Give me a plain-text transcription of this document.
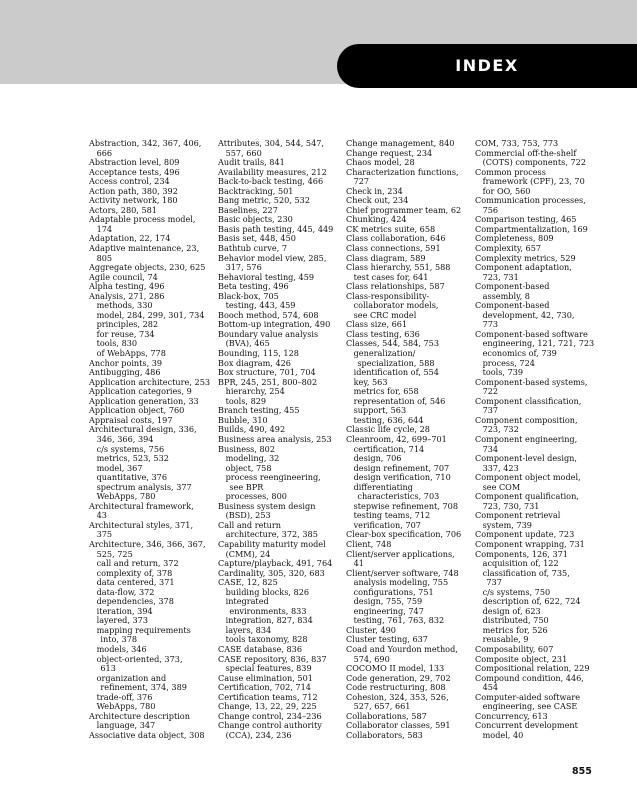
INDEX
Abstraction, 342, 367, 406,
666
Abstraction level, 809
Acceptance tests, 496
Access control, 234
Action path, 380, 392
Activity network, 180
Actors, 280, 581
Adaptable process model,
174
Adaptation, 22, 174
Adaptive maintenance, 23,
805
Aggregate objects, 230, 625
Agile council, 74
Alpha testing, 496
Analysis, 271, 286
methods, 330
model, 284, 299, 301, 734
principles, 282
for reuse, 734
tools, 830
of WebApps, 778
Anchor points, 39
Antibugging, 486
Application architecture, 253
Application categories, 9
Application generation, 33
Application object, 760
Appraisal costs, 197
Architectural design, 336,
346, 366, 394
c/s systems, 756
metrics, 523, 532
model, 367
quantitative, 376
spectrum analysis, 377
WebApps, 780
Architectural framework,
43
Architectural styles, 371,
375
Architecture, 346, 366, 367,
525, 725
call and return, 372
complexity of, 378
data centered, 371
data-flow, 372
dependencies, 378
iteration, 394
layered, 373
mapping requirements
into, 378
models, 346
object-oriented, 373,
613
organization and
refinement, 374, 389
trade-off, 376
WebApps, 780
Architecture description
language, 347
Associative data object, 308
Attributes, 304, 544, 547,
557, 660
Audit trails, 841
Availability measures, 212
Back-to-back testing, 466
Backtracking, 501
Bang metric, 520, 532
Baselines, 227
Basic objects, 230
Basis path testing, 445, 449
Basis set, 448, 450
Bathtub curve, 7
Behavior model view, 285,
317, 576
Behavioral testing, 459
Beta testing, 496
Black-box, 705
testing, 443, 459
Booch method, 574, 608
Bottom-up integration, 490
Boundary value analysis
(BVA), 465
Bounding, 115, 128
Box diagram, 426
Box structure, 701, 704
BPR, 245, 251, 800–802
hierarchy, 254
tools, 829
Branch testing, 455
Bubble, 310
Builds, 490, 492
Business area analysis, 253
Business, 802
modeling, 32
object, 758
process reengineering,
see BPR
processes, 800
Business system design
(BSD), 253
Call and return
architecture, 372, 385
Capability maturity model
(CMM), 24
Capture/playback, 491, 764
Cardinality, 305, 320, 683
CASE, 12, 825
building blocks, 826
integrated
environments, 833
integration, 827, 834
layers, 834
tools taxonomy, 828
CASE database, 836
CASE repository, 836, 837
special features, 839
Cause elimination, 501
Certification, 702, 714
Certification teams, 712
Change, 13, 22, 29, 225
Change control, 234–236
Change control authority
(CCA), 234, 236
Change management, 840
Change request, 234
Chaos model, 28
Characterization functions,
727
Check in, 234
Check out, 234
Chief programmer team, 62
Chunking, 424
CK metrics suite, 658
Class collaboration, 646
Class connections, 591
Class diagram, 589
Class hierarchy, 551, 588
test cases for, 641
Class relationships, 587
Class-responsibility-
collaborator models,
see CRC model
Class size, 661
Class testing, 636
Classes, 544, 584, 753
generalization/
specialization, 588
identification of, 554
key, 563
metrics for, 658
representation of, 546
support, 563
testing, 636, 644
Classic life cycle, 28
Cleanroom, 42, 699–701
certification, 714
design, 706
design refinement, 707
design verification, 710
differentiating
characteristics, 703
stepwise refinement, 708
testing teams, 712
verification, 707
Clear-box specification, 706
Client, 748
Client/server applications,
41
Client/server software, 748
analysis modeling, 755
configurations, 751
design, 755, 759
engineering, 747
testing, 761, 763, 832
Cluster, 490
Cluster testing, 637
Coad and Yourdon method,
574, 690
COCOMO II model, 133
Code generation, 29, 702
Code restructuring, 808
Cohesion, 324, 353, 526,
527, 657, 661
Collaborations, 587
Collaborator classes, 591
Collaborators, 583
COM, 733, 753, 773
Commercial off-the-shelf
(COTS) components, 722
Common process
framework (CPF), 23, 70
for OO, 560
Communication processes,
756
Comparison testing, 465
Compartmentalization, 169
Completeness, 809
Complexity, 657
Complexity metrics, 529
Component adaptation,
723, 731
Component-based
assembly, 8
Component-based
development, 42, 730,
773
Component-based software
engineering, 121, 721, 723
economics of, 739
process, 724
tools, 739
Component-based systems,
722
Component classification,
737
Component composition,
723, 732
Component engineering,
734
Component-level design,
337, 423
Component object model,
see COM
Component qualification,
723, 730, 731
Component retrieval
system, 739
Component update, 723
Component wrapping, 731
Components, 126, 371
acquisition of, 122
classification of, 735,
737
c/s systems, 750
description of, 622, 724
design of, 623
distributed, 750
metrics for, 526
reusable, 9
Composability, 607
Composite object, 231
Compositional relation, 229
Compound condition, 446,
454
Computer-aided software
engineering, see CASE
Concurrency, 613
Concurrent development
model, 40
855
